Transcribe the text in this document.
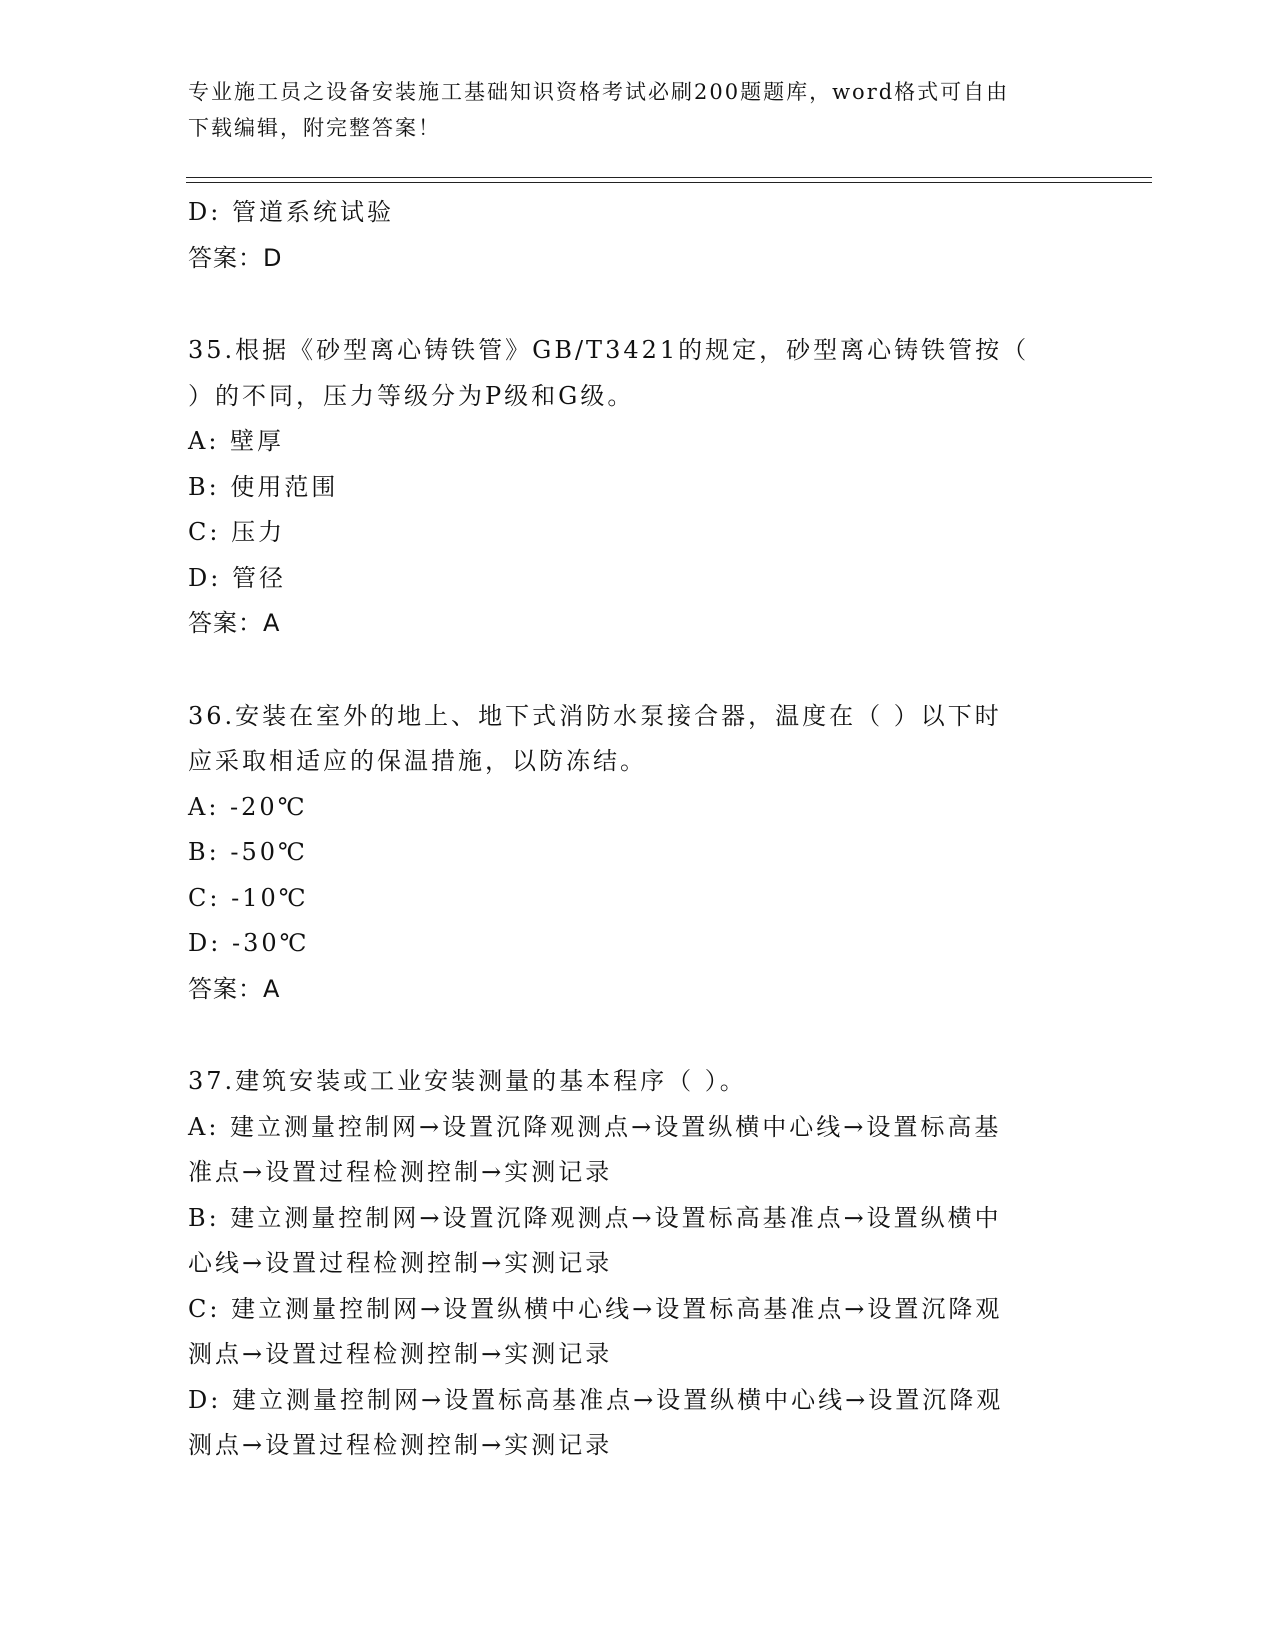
专业施工员之设备安装施工基础知识资格考试必刷200题题库，word格式可自由
下载编辑，附完整答案！
D: 管道系统试验
答案：D
35.根据《砂型离心铸铁管》GB/T3421的规定，砂型离心铸铁管按（
）的不同，压力等级分为P级和G级。
A: 壁厚
B: 使用范围
C: 压力
D: 管径
答案：A
36.安装在室外的地上、地下式消防水泵接合器，温度在（ ）以下时
应采取相适应的保温措施，以防冻结。
A: -20℃
B: -50℃
C: -10℃
D: -30℃
答案：A
37.建筑安装或工业安装测量的基本程序（ ）。
A: 建立测量控制网→设置沉降观测点→设置纵横中心线→设置标高基
准点→设置过程检测控制→实测记录
B: 建立测量控制网→设置沉降观测点→设置标高基准点→设置纵横中
心线→设置过程检测控制→实测记录
C: 建立测量控制网→设置纵横中心线→设置标高基准点→设置沉降观
测点→设置过程检测控制→实测记录
D: 建立测量控制网→设置标高基准点→设置纵横中心线→设置沉降观
测点→设置过程检测控制→实测记录
